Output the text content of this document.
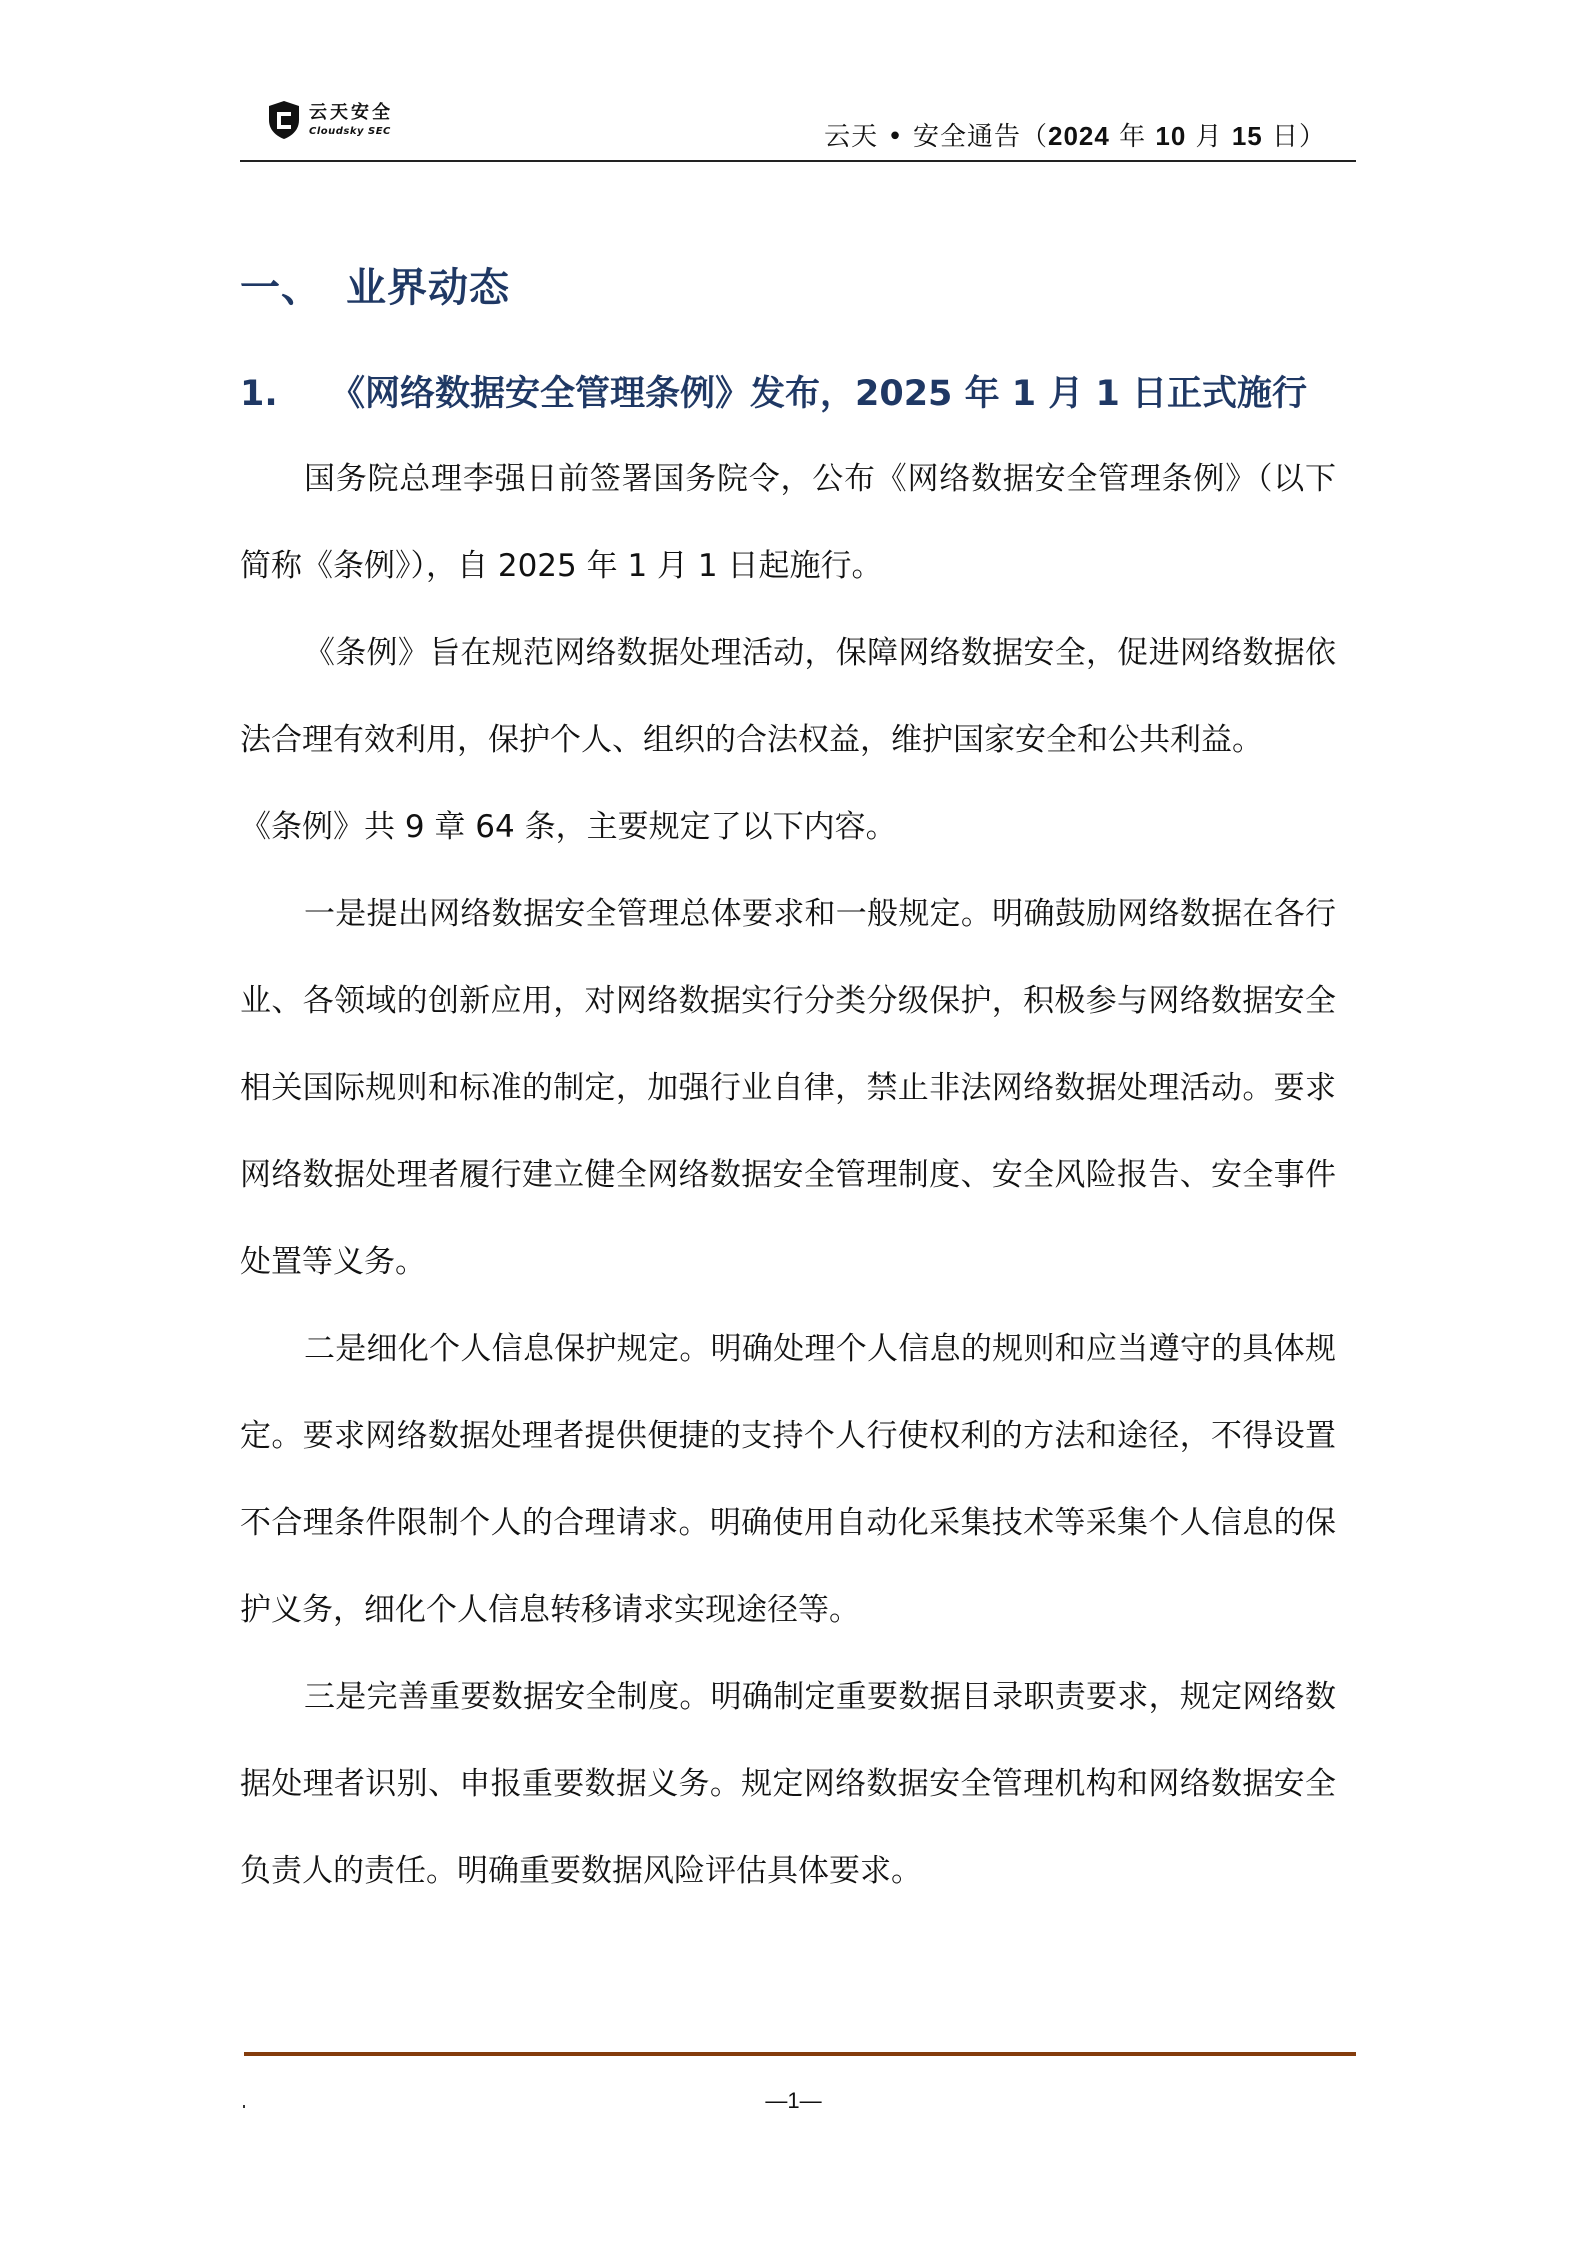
云天安全
Cloudsky SEC	云天 • 安全通告（2024 年 10 月 15 日）
一、 业界动态
1. 《网络数据安全管理条例》发布，2025 年 1 月 1 日正式施行

国务院总理李强日前签署国务院令，公布《网络数据安全管理条例》（以下简称《条例》），自 2025 年 1 月 1 日起施行。

《条例》旨在规范网络数据处理活动，保障网络数据安全，促进网络数据依法合理有效利用，保护个人、组织的合法权益，维护国家安全和公共利益。

《条例》共 9 章 64 条，主要规定了以下内容。

一是提出网络数据安全管理总体要求和一般规定。明确鼓励网络数据在各行业、各领域的创新应用，对网络数据实行分类分级保护，积极参与网络数据安全相关国际规则和标准的制定，加强行业自律，禁止非法网络数据处理活动。要求网络数据处理者履行建立健全网络数据安全管理制度、安全风险报告、安全事件处置等义务。

二是细化个人信息保护规定。明确处理个人信息的规则和应当遵守的具体规定。要求网络数据处理者提供便捷的支持个人行使权利的方法和途径，不得设置不合理条件限制个人的合理请求。明确使用自动化采集技术等采集个人信息的保护义务，细化个人信息转移请求实现途径等。

三是完善重要数据安全制度。明确制定重要数据目录职责要求，规定网络数据处理者识别、申报重要数据义务。规定网络数据安全管理机构和网络数据安全负责人的责任。明确重要数据风险评估具体要求。

—1—
